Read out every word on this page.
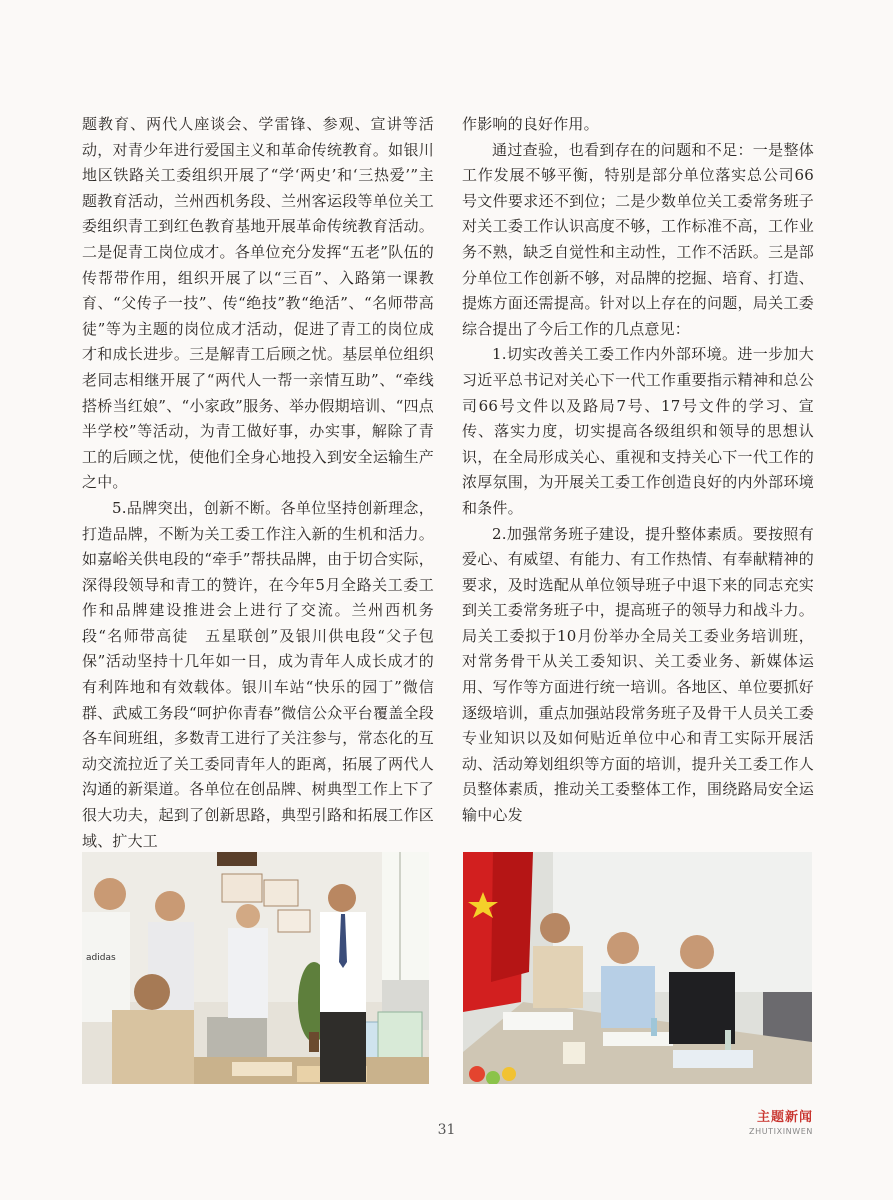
题教育、两代人座谈会、学雷锋、参观、宣讲等活动，对青少年进行爱国主义和革命传统教育。如银川地区铁路关工委组织开展了“学‘两史’和‘三热爱’”主题教育活动，兰州西机务段、兰州客运段等单位关工委组织青工到红色教育基地开展革命传统教育活动。二是促青工岗位成才。各单位充分发挥“五老”队伍的传帮带作用，组织开展了以“三百”、入路第一课教育、“父传子一技”、传“绝技”教“绝活”、“名师带高徒”等为主题的岗位成才活动，促进了青工的岗位成才和成长进步。三是解青工后顾之忧。基层单位组织老同志相继开展了“两代人一帮一亲情互助”、“牵线搭桥当红娘”、“小家政”服务、举办假期培训、“四点半学校”等活动，为青工做好事，办实事，解除了青工的后顾之忧，使他们全身心地投入到安全运输生产之中。

5.品牌突出，创新不断。各单位坚持创新理念，打造品牌，不断为关工委工作注入新的生机和活力。如嘉峪关供电段的“牵手”帮扶品牌，由于切合实际，深得段领导和青工的赞许，在今年5月全路关工委工作和品牌建设推进会上进行了交流。兰州西机务段“名师带高徒　五星联创”及银川供电段“父子包保”活动坚持十几年如一日，成为青年人成长成才的有利阵地和有效载体。银川车站“快乐的园丁”微信群、武威工务段“呵护你青春”微信公众平台覆盖全段各车间班组，多数青工进行了关注参与，常态化的互动交流拉近了关工委同青年人的距离，拓展了两代人沟通的新渠道。各单位在创品牌、树典型工作上下了很大功夫，起到了创新思路，典型引路和拓展工作区域、扩大工

作影响的良好作用。

通过查验，也看到存在的问题和不足：一是整体工作发展不够平衡，特别是部分单位落实总公司66号文件要求还不到位；二是少数单位关工委常务班子对关工委工作认识高度不够，工作标准不高，工作业务不熟，缺乏自觉性和主动性，工作不活跃。三是部分单位工作创新不够，对品牌的挖掘、培育、打造、提炼方面还需提高。针对以上存在的问题，局关工委综合提出了今后工作的几点意见：

1.切实改善关工委工作内外部环境。进一步加大习近平总书记对关心下一代工作重要指示精神和总公司66号文件以及路局7号、17号文件的学习、宣传、落实力度，切实提高各级组织和领导的思想认识，在全局形成关心、重视和支持关心下一代工作的浓厚氛围，为开展关工委工作创造良好的内外部环境和条件。

2.加强常务班子建设，提升整体素质。要按照有爱心、有威望、有能力、有工作热情、有奉献精神的要求，及时选配从单位领导班子中退下来的同志充实到关工委常务班子中，提高班子的领导力和战斗力。局关工委拟于10月份举办全局关工委业务培训班，对常务骨干从关工委知识、关工委业务、新媒体运用、写作等方面进行统一培训。各地区、单位要抓好逐级培训，重点加强站段常务班子及骨干人员关工委专业知识以及如何贴近单位中心和青工实际开展活动、活动筹划组织等方面的培训，提升关工委工作人员整体素质，推动关工委整体工作，围绕路局安全运输中心发

adidas
31
主题新闻
ZHUTIXINWEN
